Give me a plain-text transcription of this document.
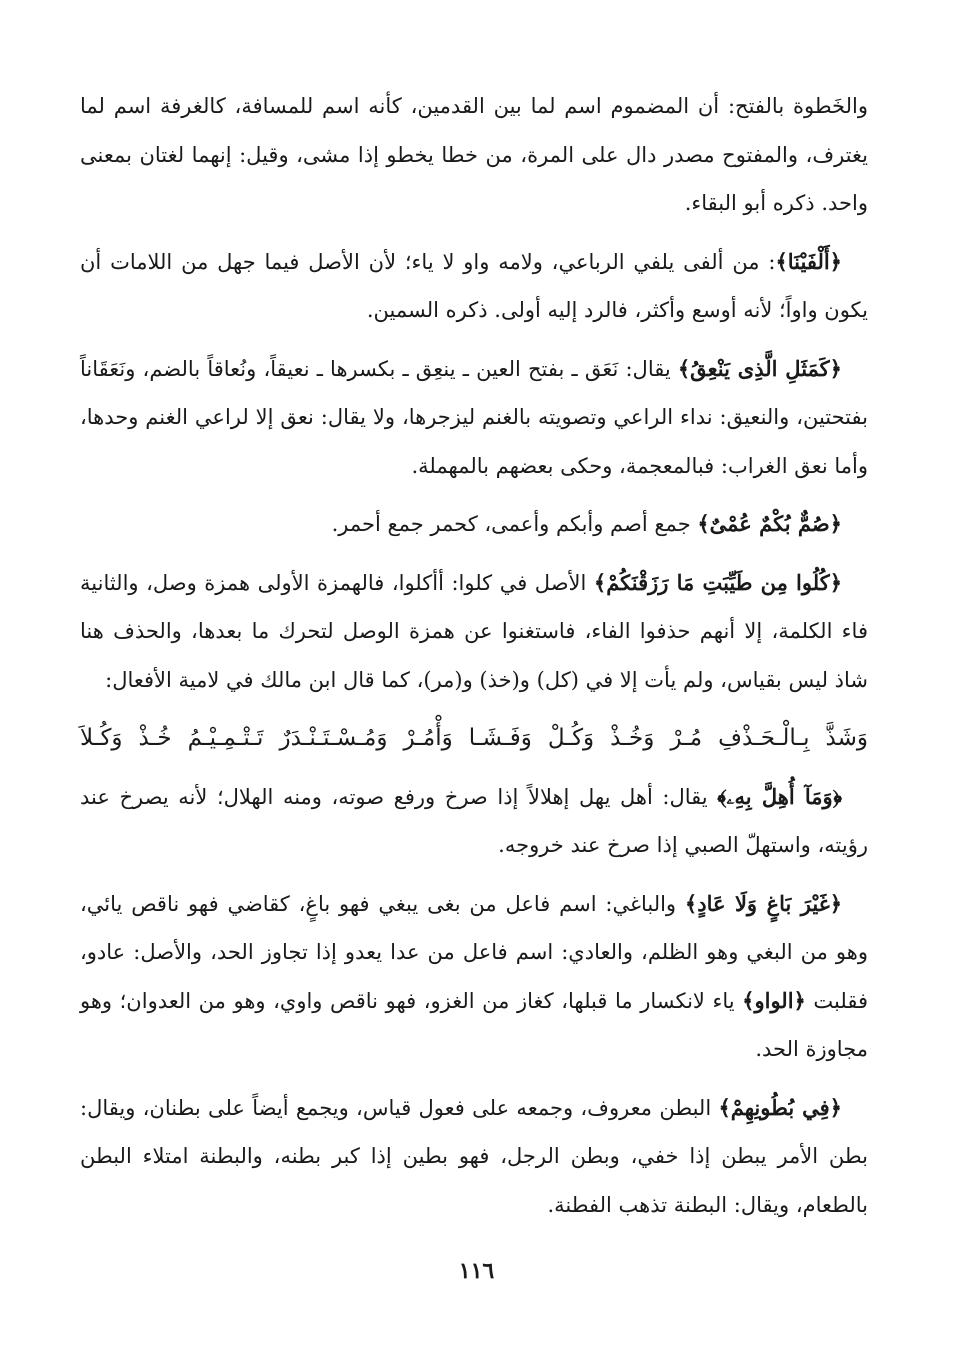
والخَطوة بالفتح: أن المضموم اسم لما بين القدمين، كأنه اسم للمسافة، كالغرفة اسم لما يغترف، والمفتوح مصدر دال على المرة، من خطا يخطو إذا مشى، وقيل: إنهما لغتان بمعنى واحد. ذكره أبو البقاء.

﴿أَلْفَيْنَا﴾: من ألفى يلفي الرباعي، ولامه واو لا ياء؛ لأن الأصل فيما جهل من اللامات أن يكون واواً؛ لأنه أوسع وأكثر، فالرد إليه أولى. ذكره السمين.

﴿كَمَثَلِ الَّذِى يَنْعِقُ﴾ يقال: نَعَق ـ بفتح العين ـ ينعِق ـ بكسرها ـ نعيقاً، ونُعاقاً بالضم، ونَعَقَاناً بفتحتين، والنعيق: نداء الراعي وتصويته بالغنم ليزجرها، ولا يقال: نعق إلا لراعي الغنم وحدها، وأما نعق الغراب: فبالمعجمة، وحكى بعضهم بالمهملة.

﴿صُمٌّ بُكْمٌ عُمْىٌ﴾ جمع أصم وأبكم وأعمى، كحمر جمع أحمر.

﴿كُلُوا مِن طَيِّبَتِ مَا رَزَقْنَكُمْ﴾ الأصل في كلوا: أأكلوا، فالهمزة الأولى همزة وصل، والثانية فاء الكلمة، إلا أنهم حذفوا الفاء، فاستغنوا عن همزة الوصل لتحرك ما بعدها، والحذف هنا شاذ ليس بقياس، ولم يأت إلا في (كل) و(خذ) و(مر)، كما قال ابن مالك في لامية الأفعال:

وَشَذَّ بِـالْـحَـذْفِ مُـرْ وَخُـذْ وَكُـلْ وَفَـشَـا وَأْمُـرْ وَمُـسْـتَـنْـدَرٌ تَـتْـمِـيْـمُ خُـذْ وَكُـلاَ

﴿وَمَآ أُهِلَّ بِهِۦ﴾ يقال: أهل يهل إهلالاً إذا صرخ ورفع صوته، ومنه الهلال؛ لأنه يصرخ عند رؤيته، واستهلّ الصبي إذا صرخ عند خروجه.

﴿غَيْرَ بَاغٍ وَلَا عَادٍ﴾ والباغي: اسم فاعل من بغى يبغي فهو باغٍ، كقاضي فهو ناقص يائي، وهو من البغي وهو الظلم، والعادي: اسم فاعل من عدا يعدو إذا تجاوز الحد، والأصل: عادو، فقلبت ﴿الواو﴾ ياء لانكسار ما قبلها، كغاز من الغزو، فهو ناقص واوي، وهو من العدوان؛ وهو مجاوزة الحد.

﴿فِي بُطُونِهِمْ﴾ البطن معروف، وجمعه على فعول قياس، ويجمع أيضاً على بطنان، ويقال: بطن الأمر يبطن إذا خفي، وبطن الرجل، فهو بطين إذا كبر بطنه، والبطنة امتلاء البطن بالطعام، ويقال: البطنة تذهب الفطنة.

١١٦
